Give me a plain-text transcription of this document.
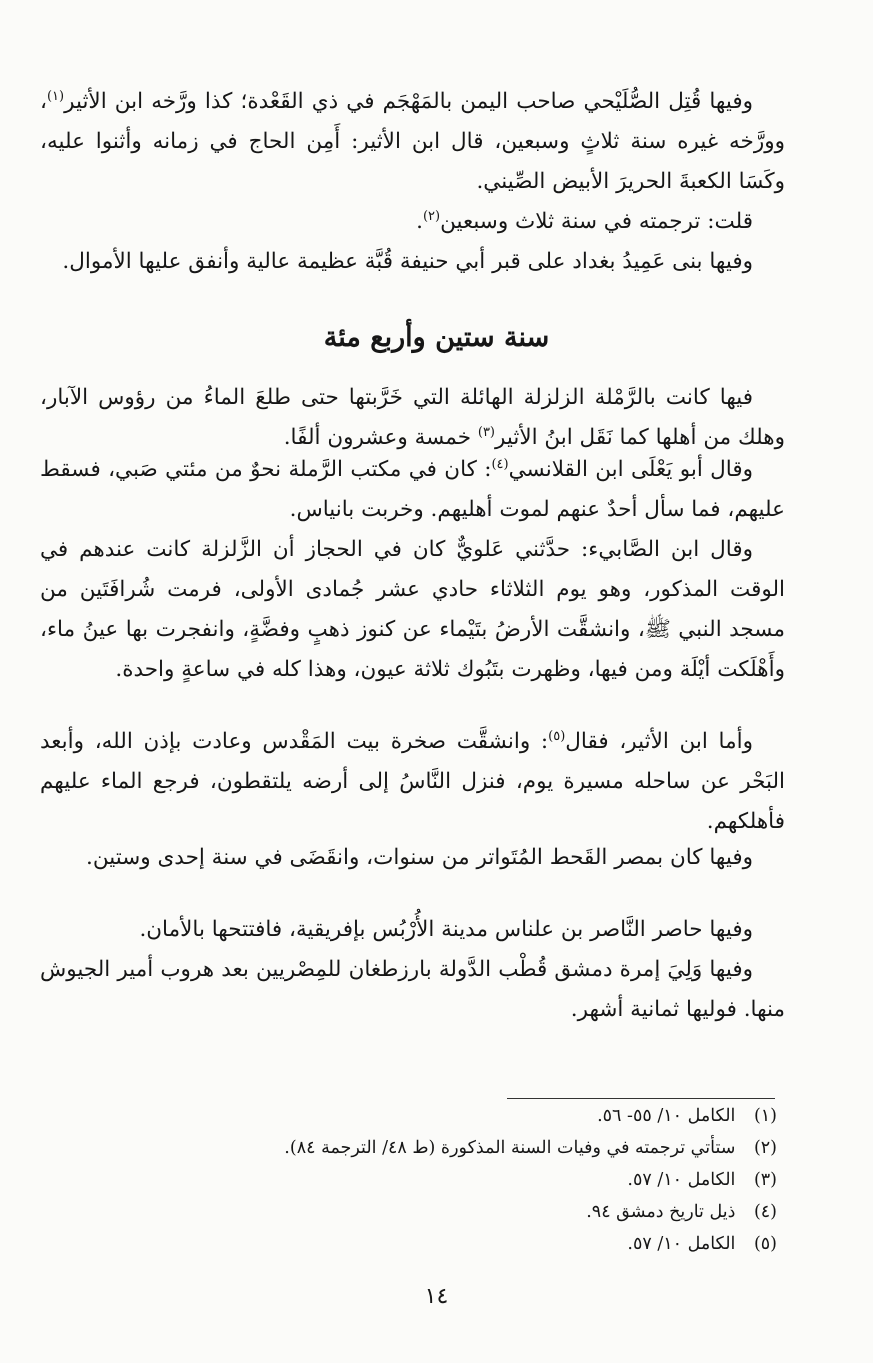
وفيها قُتِل الصُّلَيْحي صاحب اليمن بالمَهْجَم في ذي القَعْدة؛ كذا ورَّخه ابن الأثير$^{(١)}$، وورَّخه غيره سنة ثلاثٍ وسبعين، قال ابن الأثير: أَمِن الحاج في زمانه وأثنوا عليه، وكَسَا الكعبةَ الحريرَ الأبيض الصِّيني.

قلت: ترجمته في سنة ثلاث وسبعين$^{(٢)}$.

وفيها بنى عَمِيدُ بغداد على قبر أبي حنيفة قُبَّة عظيمة عالية وأنفق عليها الأموال.

سنة ستين وأربع مئة

فيها كانت بالرَّمْلة الزلزلة الهائلة التي خَرَّبتها حتى طلعَ الماءُ من رؤوس الآبار، وهلك من أهلها كما نَقَل ابنُ الأثير$^{(٣)}$ خمسة وعشرون ألفًا.

وقال أبو يَعْلَى ابن القلانسي$^{(٤)}$: كان في مكتب الرَّملة نحوٌ من مئتي صَبي، فسقط عليهم، فما سأل أحدٌ عنهم لموت أهليهم. وخربت بانياس.

وقال ابن الصَّابيء: حدَّثني عَلويٌّ كان في الحجاز أن الزَّلزلة كانت عندهم في الوقت المذكور، وهو يوم الثلاثاء حادي عشر جُمادى الأولى، فرمت شُرافَتَين من مسجد النبي ﷺ، وانشقَّت الأرضُ بتَيْماء عن كنوز ذهبٍ وفضَّةٍ، وانفجرت بها عينُ ماء، وأَهْلَكت أيْلَة ومن فيها، وظهرت بتَبُوك ثلاثة عيون، وهذا كله في ساعةٍ واحدة.

وأما ابن الأثير، فقال$^{(٥)}$: وانشقَّت صخرة بيت المَقْدس وعادت بإذن الله، وأبعد البَحْر عن ساحله مسيرة يوم، فنزل النَّاسُ إلى أرضه يلتقطون، فرجع الماء عليهم فأهلكهم.

وفيها كان بمصر القَحط المُتَواتر من سنوات، وانقَضَى في سنة إحدى وستين.

وفيها حاصر النَّاصر بن علناس مدينة الأُرْبُس بإفريقية، فافتتحها بالأمان.

وفيها وَلِيَ إمرة دمشق قُطْب الدَّولة بارزطغان للمِصْريين بعد هروب أمير الجيوش منها. فوليها ثمانية أشهر.

(١) الكامل ١٠/ ٥٥- ٥٦.
(٢) ستأتي ترجمته في وفيات السنة المذكورة (ط ٤٨/ الترجمة ٨٤).
(٣) الكامل ١٠/ ٥٧.
(٤) ذيل تاريخ دمشق ٩٤.
(٥) الكامل ١٠/ ٥٧.
١٤
